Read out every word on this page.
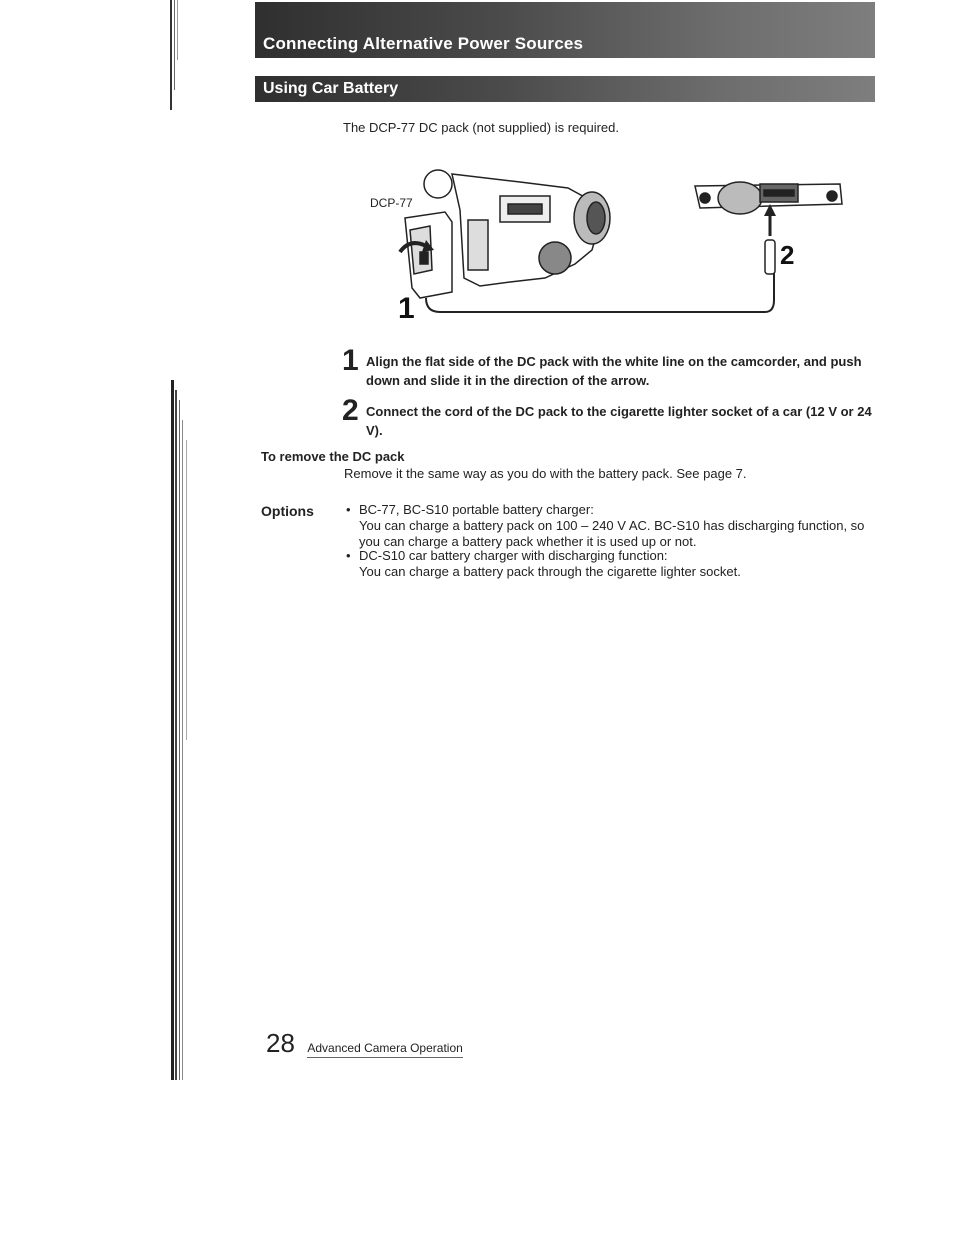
Connecting Alternative Power Sources
Using Car Battery
The DCP-77 DC pack (not supplied) is required.
DCP-77
1
2
1 Align the flat side of the DC pack with the white line on the camcorder, and push down and slide it in the direction of the arrow.
2 Connect the cord of the DC pack to the cigarette lighter socket of a car (12 V or 24 V).
To remove the DC pack
Remove it the same way as you do with the battery pack. See page 7.
Options • BC-77, BC-S10 portable battery charger:
You can charge a battery pack on 100 – 240 V AC. BC-S10 has discharging function, so you can charge a battery pack whether it is used up or not.
• DC-S10 car battery charger with discharging function:
You can charge a battery pack through the cigarette lighter socket.
28 Advanced Camera Operation
